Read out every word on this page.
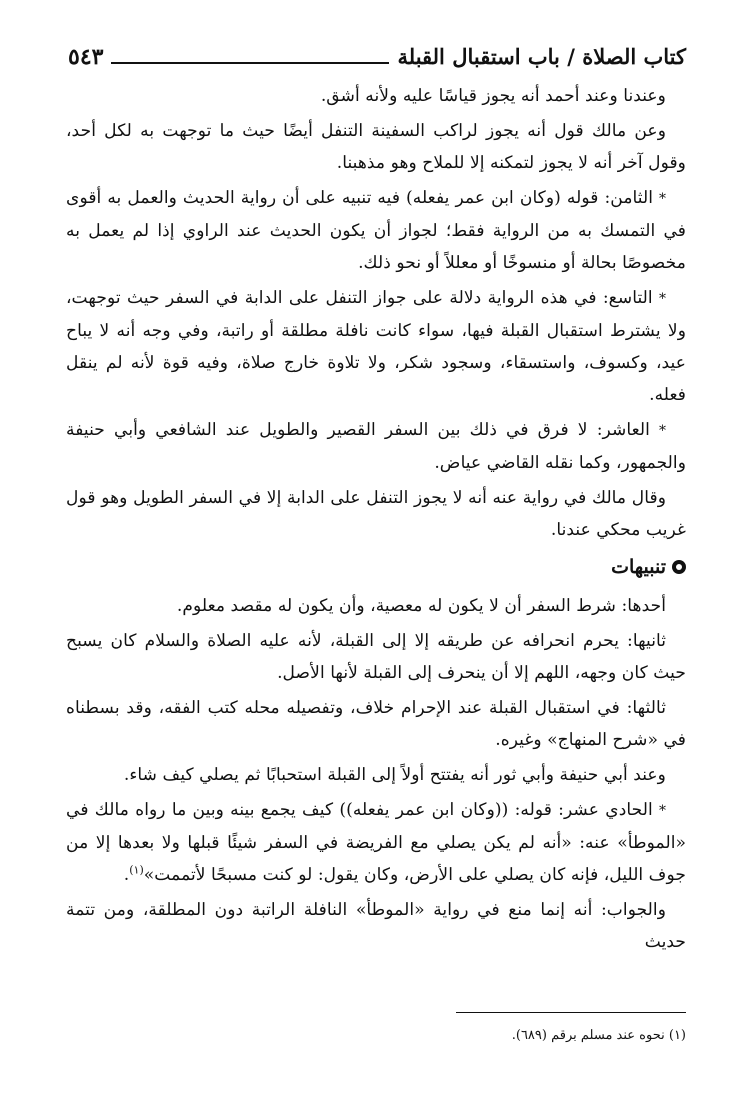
كتاب الصلاة / باب استقبال القبلة
٥٤٣

وعندنا وعند أحمد أنه يجوز قياسًا عليه ولأنه أشق.

وعن مالك قول أنه يجوز لراكب السفينة التنفل أيضًا حيث ما توجهت به لكل أحد، وقول آخر أنه لا يجوز لتمكنه إلا للملاح وهو مذهبنا.

* الثامن: قوله (وكان ابن عمر يفعله) فيه تنبيه على أن رواية الحديث والعمل به أقوى في التمسك به من الرواية فقط؛ لجواز أن يكون الحديث عند الراوي إذا لم يعمل به مخصوصًا بحالة أو منسوخًا أو معللاً أو نحو ذلك.

* التاسع: في هذه الرواية دلالة على جواز التنفل على الدابة في السفر حيث توجهت، ولا يشترط استقبال القبلة فيها، سواء كانت نافلة مطلقة أو راتبة، وفي وجه أنه لا يباح عيد، وكسوف، واستسقاء، وسجود شكر، ولا تلاوة خارج صلاة، وفيه قوة لأنه لم ينقل فعله.

* العاشر: لا فرق في ذلك بين السفر القصير والطويل عند الشافعي وأبي حنيفة والجمهور، وكما نقله القاضي عياض.

وقال مالك في رواية عنه أنه لا يجوز التنفل على الدابة إلا في السفر الطويل وهو قول غريب محكي عندنا.

تنبيهات

أحدها: شرط السفر أن لا يكون له معصية، وأن يكون له مقصد معلوم.

ثانيها: يحرم انحرافه عن طريقه إلا إلى القبلة، لأنه عليه الصلاة والسلام كان يسبح حيث كان وجهه، اللهم إلا أن ينحرف إلى القبلة لأنها الأصل.

ثالثها: في استقبال القبلة عند الإحرام خلاف، وتفصيله محله كتب الفقه، وقد بسطناه في «شرح المنهاج» وغيره.

وعند أبي حنيفة وأبي ثور أنه يفتتح أولاً إلى القبلة استحبابًا ثم يصلي كيف شاء.

* الحادي عشر: قوله: ((وكان ابن عمر يفعله)) كيف يجمع بينه وبين ما رواه مالك في «الموطأ» عنه: «أنه لم يكن يصلي مع الفريضة في السفر شيئًا قبلها ولا بعدها إلا من جوف الليل، فإنه كان يصلي على الأرض، وكان يقول: لو كنت مسبحًا لأتممت»$^{(١)}$.

والجواب: أنه إنما منع في رواية «الموطأ» النافلة الراتبة دون المطلقة، ومن تتمة حديث

(١) نحوه عند مسلم برقم (٦٨٩).
